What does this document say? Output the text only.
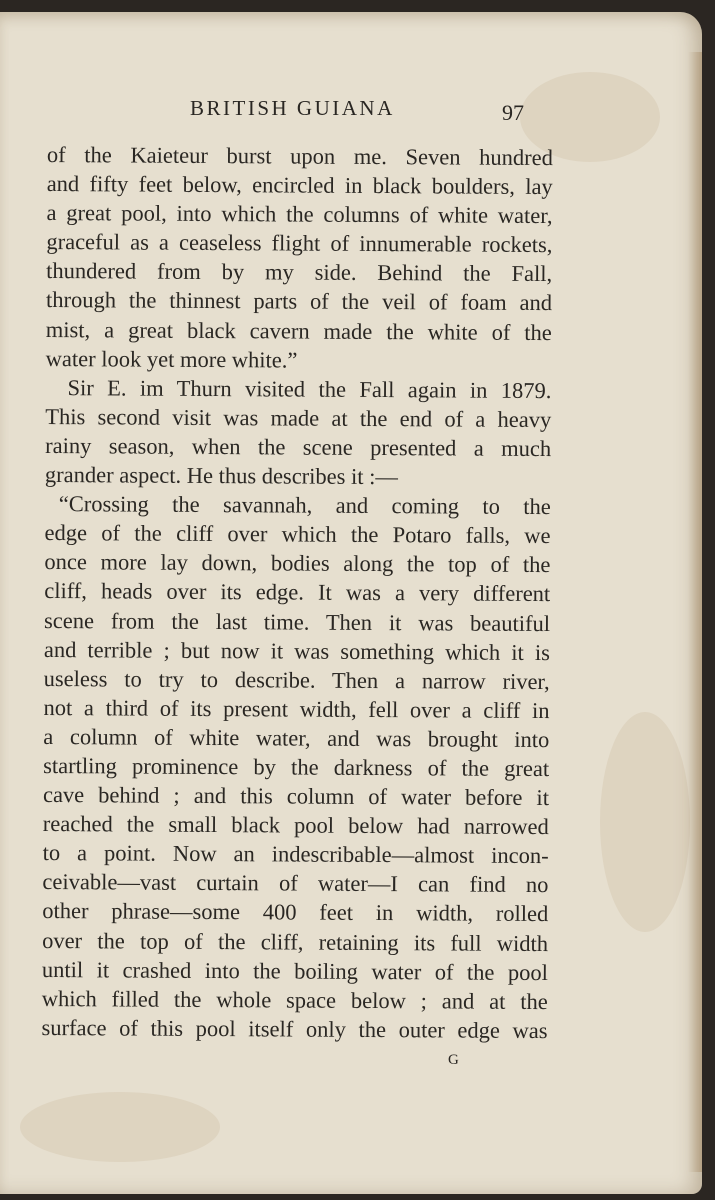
BRITISH GUIANA	97
of the Kaieteur burst upon me. Seven hundred
and fifty feet below, encircled in black boulders, lay
a great pool, into which the columns of white water,
graceful as a ceaseless flight of innumerable rockets,
thundered from by my side. Behind the Fall,
through the thinnest parts of the veil of foam and
mist, a great black cavern made the white of the
water look yet more white.”
Sir E. im Thurn visited the Fall again in 1879.
This second visit was made at the end of a heavy
rainy season, when the scene presented a much
grander aspect. He thus describes it :—
“Crossing the savannah, and coming to the
edge of the cliff over which the Potaro falls, we
once more lay down, bodies along the top of the
cliff, heads over its edge. It was a very different
scene from the last time. Then it was beautiful
and terrible ; but now it was something which it is
useless to try to describe. Then a narrow river,
not a third of its present width, fell over a cliff in
a column of white water, and was brought into
startling prominence by the darkness of the great
cave behind ; and this column of water before it
reached the small black pool below had narrowed
to a point. Now an indescribable—almost incon-
ceivable—vast curtain of water—I can find no
other phrase—some 400 feet in width, rolled
over the top of the cliff, retaining its full width
until it crashed into the boiling water of the pool
which filled the whole space below ; and at the
surface of this pool itself only the outer edge was
G
